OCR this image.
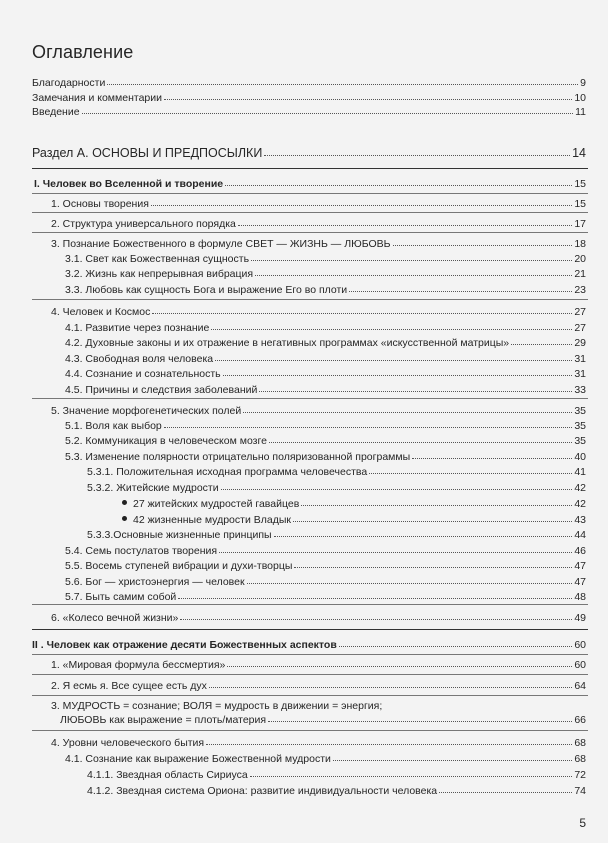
Оглавление
Благодарности	9
Замечания и комментарии	10
Введение	11
Раздел А. ОСНОВЫ И ПРЕДПОСЫЛКИ	14
I. Человек во Вселенной и творение	15
1. Основы творения	15
2. Структура универсального порядка	17
3. Познание Божественного в формуле СВЕТ — ЖИЗНЬ — ЛЮБОВЬ	18
3.1. Свет как Божественная сущность	20
3.2. Жизнь как непрерывная вибрация	21
3.3. Любовь как сущность Бога и выражение Его во плоти	23
4. Человек и Космос	27
4.1. Развитие через познание	27
4.2. Духовные законы и их отражение в негативных программах «искусственной матрицы»	29
4.3. Свободная воля человека	31
4.4. Сознание и сознательность	31
4.5. Причины и следствия заболеваний	33
5. Значение морфогенетических полей	35
5.1. Воля как выбор	35
5.2. Коммуникация в человеческом мозге	35
5.3. Изменение полярности отрицательно поляризованной программы	40
5.3.1. Положительная исходная программа человечества	41
5.3.2. Житейские мудрости	42
27 житейских мудростей гавайцев	42
42 жизненные мудрости Владык	43
5.3.3.Основные жизненные принципы	44
5.4. Семь постулатов творения	46
5.5. Восемь ступеней вибрации и духи-творцы	47
5.6. Бог — христоэнергия — человек	47
5.7. Быть самим собой	48
6. «Колесо вечной жизни»	49
II . Человек как отражение десяти Божественных аспектов	60
1. «Мировая формула бессмертия»	60
2. Я есмь я. Все сущее есть дух	64
3. МУДРОСТЬ = сознание; ВОЛЯ = мудрость в движении = энергия;
ЛЮБОВЬ как выражение = плоть/материя	66
4. Уровни человеческого бытия	68
4.1. Сознание как выражение Божественной мудрости	68
4.1.1. Звездная область Сириуса	72
4.1.2. Звездная система Ориона: развитие индивидуальности человека	74
5
